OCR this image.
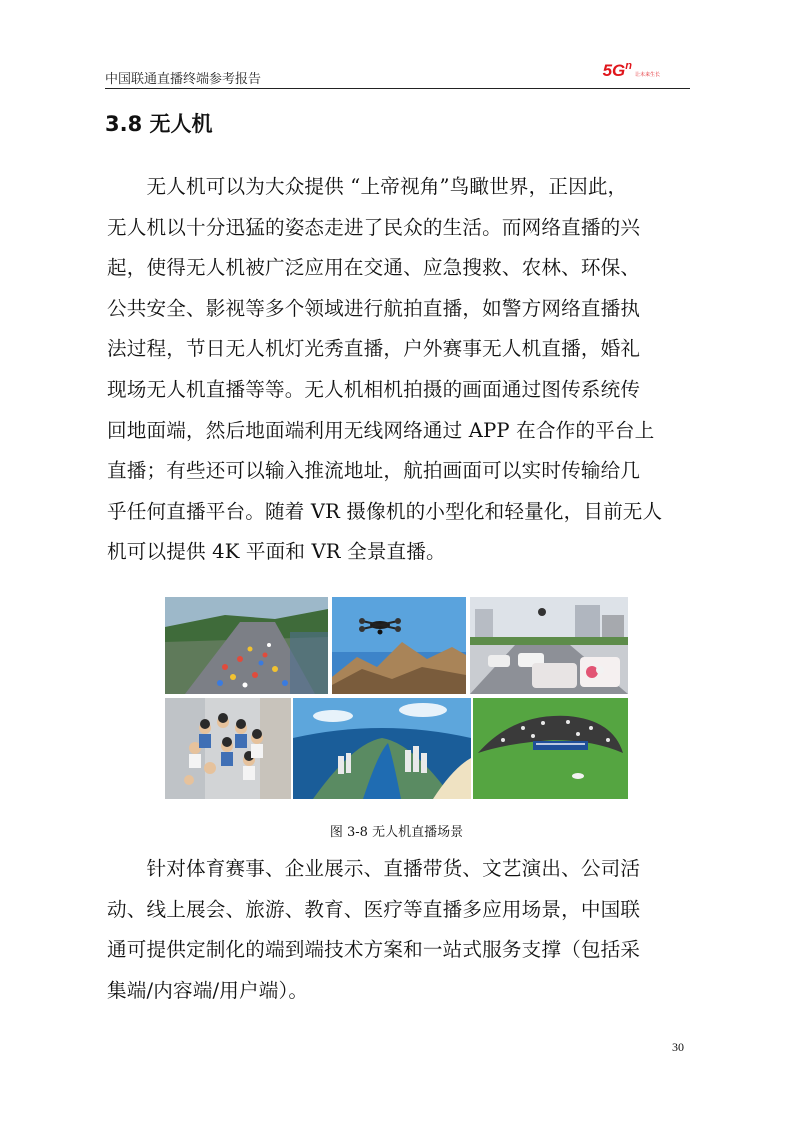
中国联通直播终端参考报告	$5G^n$让未来生长
3.8 无人机

　　无人机可以为大众提供 “上帝视角”鸟瞰世界，正因此，
无人机以十分迅猛的姿态走进了民众的生活。而网络直播的兴
起，使得无人机被广泛应用在交通、应急搜救、农林、环保、
公共安全、影视等多个领域进行航拍直播，如警方网络直播执
法过程，节日无人机灯光秀直播，户外赛事无人机直播，婚礼
现场无人机直播等等。无人机相机拍摄的画面通过图传系统传
回地面端，然后地面端利用无线网络通过 APP 在合作的平台上
直播；有些还可以输入推流地址，航拍画面可以实时传输给几
乎任何直播平台。随着 VR 摄像机的小型化和轻量化，目前无人
机可以提供 4K 平面和 VR 全景直播。

图 3-8 无人机直播场景

　　针对体育赛事、企业展示、直播带货、文艺演出、公司活
动、线上展会、旅游、教育、医疗等直播多应用场景，中国联
通可提供定制化的端到端技术方案和一站式服务支撑（包括采
集端/内容端/用户端）。

30
